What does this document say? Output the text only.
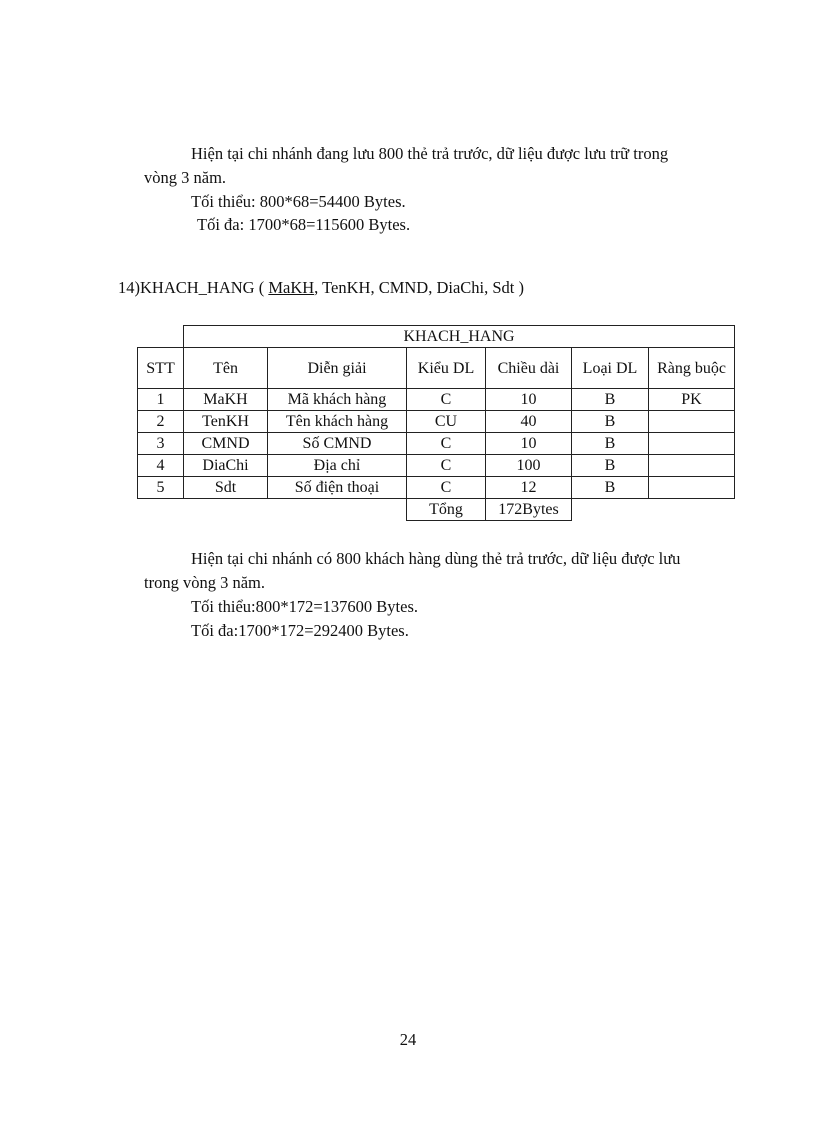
Hiện tại chi nhánh đang lưu 800 thẻ trả trước, dữ liệu được lưu trữ trong
vòng 3 năm.
Tối thiểu: 800*68=54400 Bytes.
Tối đa: 1700*68=115600 Bytes.
14)KHACH_HANG ( MaKH, TenKH, CMND, DiaChi, Sdt )
	KHACH_HANG					
STT	Tên	Diễn giải	Kiểu DL	Chiều dài	Loại DL	Ràng buộc
1	MaKH	Mã khách hàng	C	10	B	PK
2	TenKH	Tên khách hàng	CU	40	B	
3	CMND	Số CMND	C	10	B	
4	DiaChi	Địa chỉ	C	100	B	
5	Sdt	Số điện thoại	C	12	B	
			Tổng	172Bytes		
Hiện tại chi nhánh có 800 khách hàng dùng thẻ trả trước, dữ liệu được lưu
trong vòng 3 năm.
Tối thiểu:800*172=137600 Bytes.
Tối đa:1700*172=292400 Bytes.
24
